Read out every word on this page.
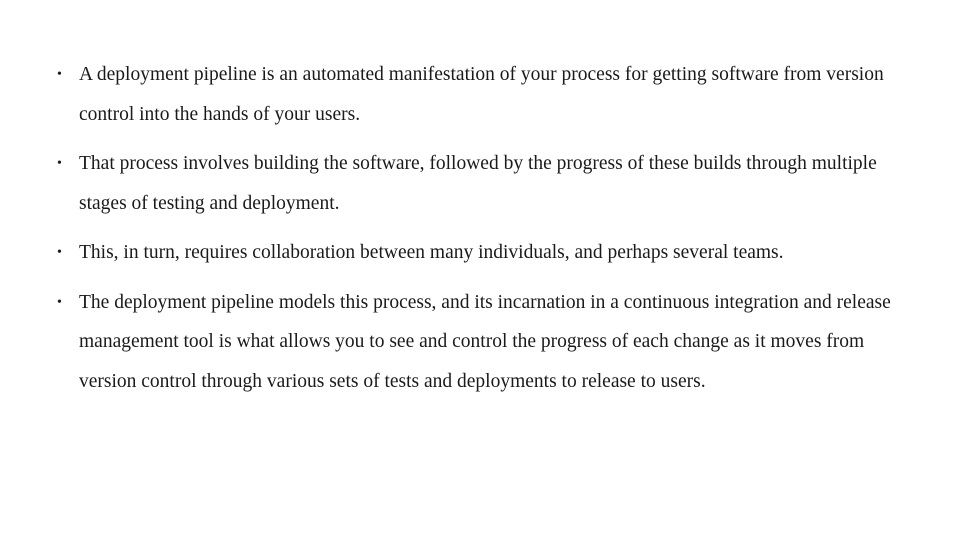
• A deployment pipeline is an automated manifestation of your process for getting software from version control into the hands of your users.
• That process involves building the software, followed by the progress of these builds through multiple stages of testing and deployment.
• This, in turn, requires collaboration between many individuals, and perhaps several teams.
• The deployment pipeline models this process, and its incarnation in a continuous integration and release management tool is what allows you to see and control the progress of each change as it moves from version control through various sets of tests and deployments to release to users.
